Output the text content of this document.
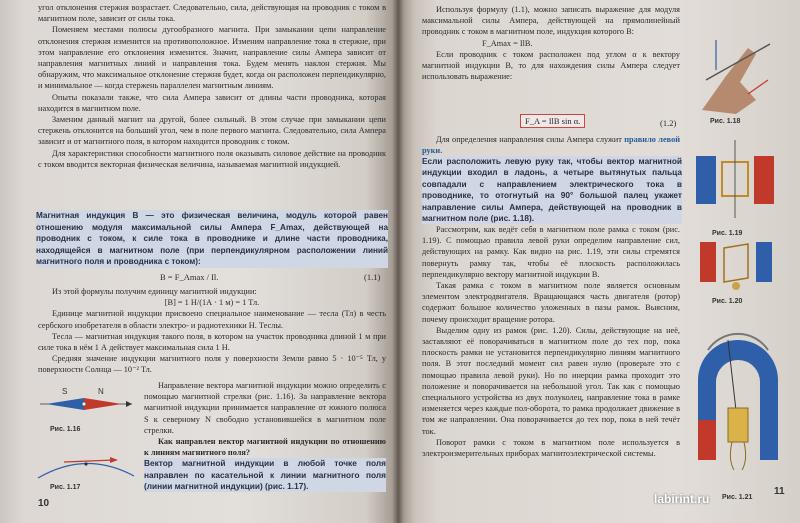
угол отклонения стержня возрастает. Следовательно, сила, действующая на проводник с током в магнитном поле, зависит от силы тока.

Поменяем местами полюсы дугообразного магнита. При замыкании цепи направление отклонения стержня изменится на противоположное. Изменим направление тока в стержне, при этом направление его отклонения изменится. Значит, направление силы Ампера зависит от направления магнитных линий и направления тока. Будем менять наклон стержня. Мы обнаружим, что максимальное отклонение стержня будет, когда он расположен перпендикулярно, и минимальное — когда стержень параллелен магнитным линиям.

Опыты показали также, что сила Ампера зависит от длины части проводника, которая находится в магнитном поле.

Заменим данный магнит на другой, более сильный. В этом случае при замыкании цепи стержень отклонится на больший угол, чем в поле первого магнита. Следовательно, сила Ампера зависит и от магнитного поля, в котором находится проводник с током.

Для характеристики способности магнитного поля оказывать силовое действие на проводник с током вводится векторная физическая величина, называемая магнитной индукцией.

Магнитная индукция B — это физическая величина, модуль которой равен отношению модуля максимальной силы Ампера F_Amax, действующей на проводник с током, к силе тока в проводнике и длине части проводника, находящейся в магнитном поле (при перпендикулярном расположении линий магнитного поля и проводника с током):
B = F_Amax / Il.	(1.1)

Из этой формулы получим единицу магнитной индукции:

[B] = 1 Н/(1А · 1 м) = 1 Тл.

Единице магнитной индукции присвоено специальное наименование — тесла (Тл) в честь сербского изобретателя в области электро- и радиотехники Н. Теслы.

Тесла — магнитная индукция такого поля, в котором на участок проводника длиной 1 м при силе тока в нём 1 А действует максимальная сила 1 Н.

Средняя значение индукции магнитного поля у поверхности Земли равно 5 · 10⁻⁵ Тл, у поверхности Солнца — 10⁻² Тл.

Направление вектора магнитной индукции можно определить с помощью магнитной стрелки (рис. 1.16). За направление вектора магнитной индукции принимается направление от южного полюса S к северному N свободно установившейся в магнитном поле стрелки.

Как направлен вектор магнитной индукции по отношению к линиям магнитного поля?

Вектор магнитной индукции в любой точке поля направлен по касательной к линии магнитного поля (линии магнитной индукции) (рис. 1.17).

S	N
Рис. 1.16
Рис. 1.17
10

Используя формулу (1.1), можно записать выражение для модуля максимальной силы Ампера, действующей на прямолинейный проводник с током в магнитном поле, индукция которого B:

F_Amax = IlB.

Если проводник с током расположен под углом α к вектору магнитной индукции B, то для нахождения силы Ампера следует использовать выражение:

F_A = IlB sin α.	(1.2)

Для определения направления силы Ампера служит правило левой руки.

Если расположить левую руку так, чтобы вектор магнитной индукции входил в ладонь, а четыре вытянутых пальца совпадали с направлением электрического тока в проводнике, то отогнутый на 90° большой палец укажет направление силы Ампера, действующей на проводник в магнитном поле (рис. 1.18).

Рассмотрим, как ведёт себя в магнитном поле рамка с током (рис. 1.19). С помощью правила левой руки определим направление сил, действующих на рамку. Как видно на рис. 1.19, эти силы стремятся повернуть рамку так, чтобы её плоскость расположилась перпендикулярно вектору магнитной индукции B.

Такая рамка с током в магнитном поле является основным элементом электродвигателя. Вращающаяся часть двигателя (ротор) содержит большое количество уложенных в пазы рамок. Выясним, почему происходит вращение ротора.

Выделим одну из рамок (рис. 1.20). Силы, действующие на неё, заставляют её поворачиваться в магнитном поле до тех пор, пока плоскость рамки не установится перпендикулярно линиям магнитного поля. В этот последний момент сил равен нулю (проверьте это с помощью правила левой руки). Но по инерции рамка проходит это положение и поворачивается на небольшой угол. Так как с помощью специального устройства из двух полуколец, направление тока в рамке изменяется через каждые пол-оборота, то рамка продолжает движение в том же направлении. Она поворачивается до тех пор, пока в ней течёт ток.

Поворот рамки с током в магнитном поле используется в электроизмерительных приборах магнитоэлектрической системы.

Рис. 1.18
Рис. 1.19
Рис. 1.20
Рис. 1.21
11
labirint.ru
